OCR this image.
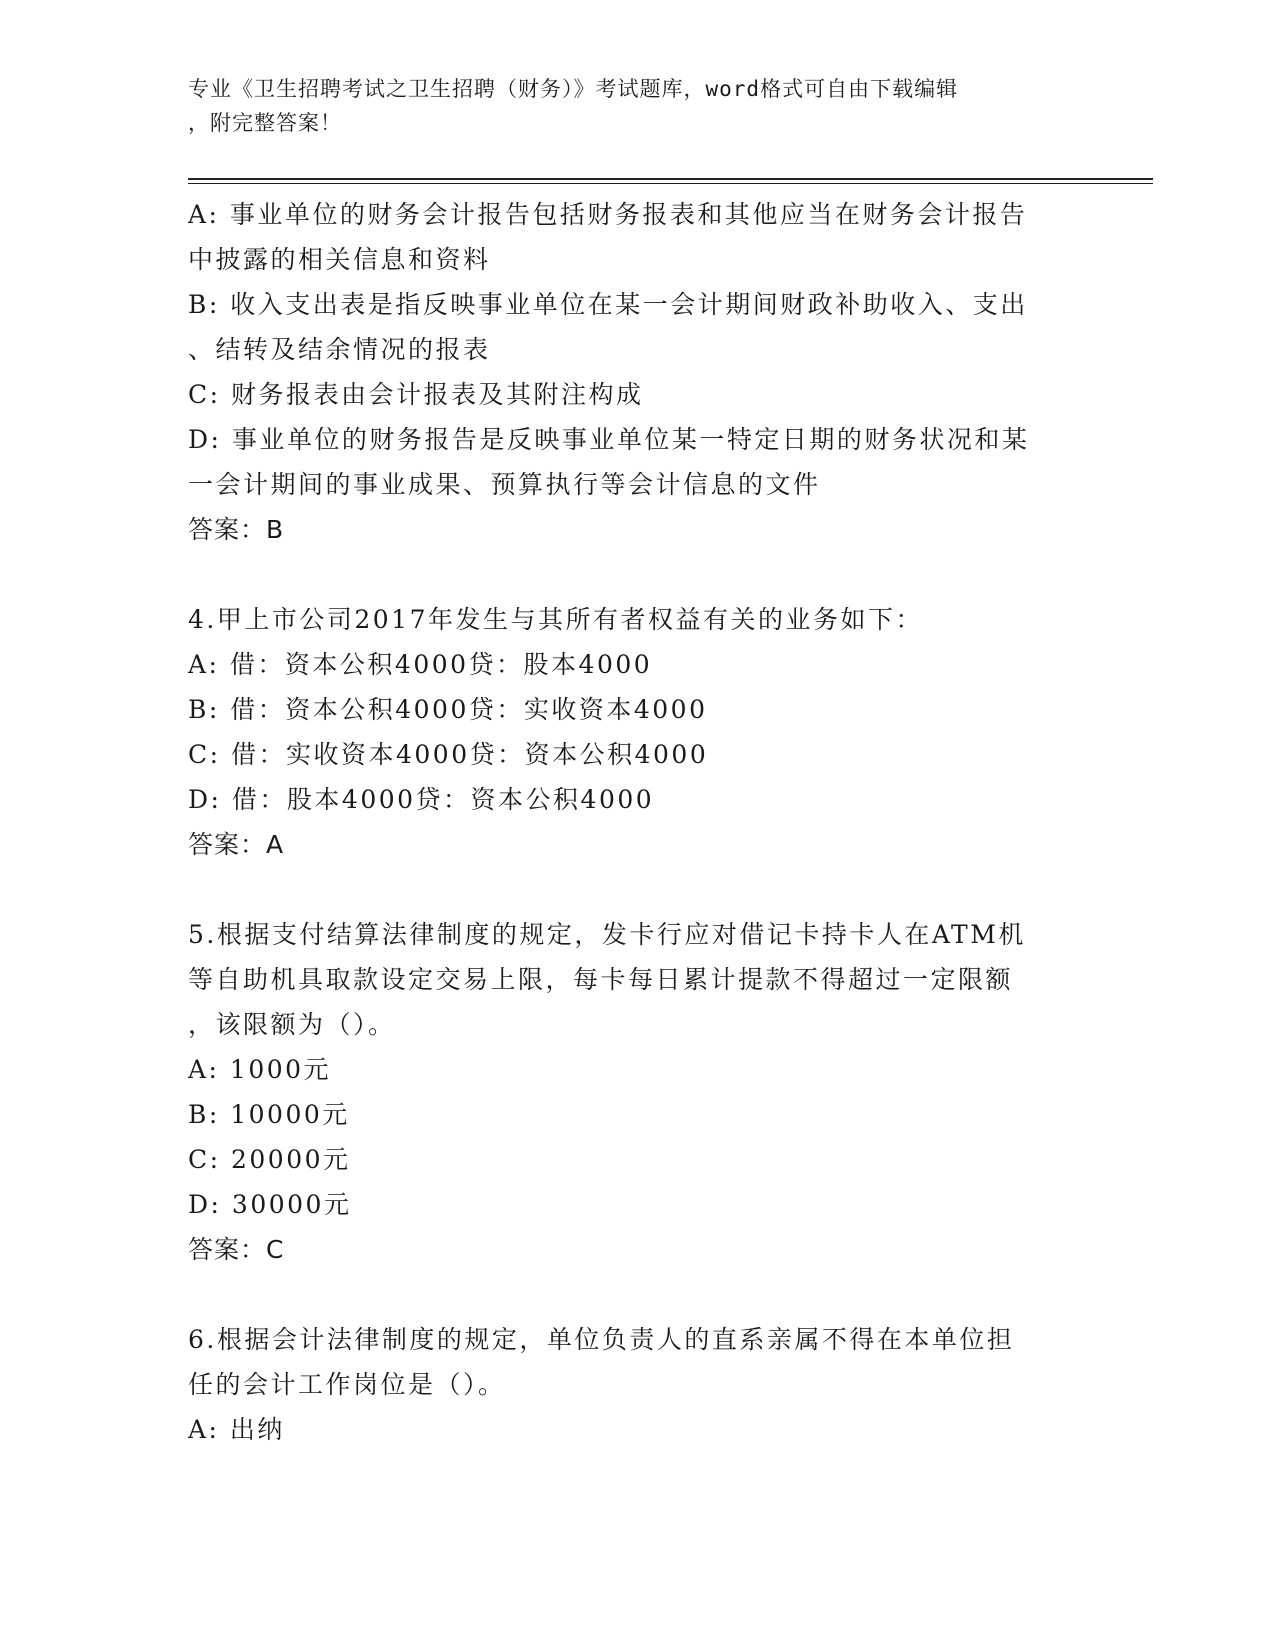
专业《卫生招聘考试之卫生招聘（财务）》考试题库，word格式可自由下载编辑
，附完整答案！
A: 事业单位的财务会计报告包括财务报表和其他应当在财务会计报告
中披露的相关信息和资料
B: 收入支出表是指反映事业单位在某一会计期间财政补助收入、支出
、结转及结余情况的报表
C: 财务报表由会计报表及其附注构成
D: 事业单位的财务报告是反映事业单位某一特定日期的财务状况和某
一会计期间的事业成果、预算执行等会计信息的文件
答案：B
4.甲上市公司2017年发生与其所有者权益有关的业务如下：
A: 借：资本公积4000贷：股本4000
B: 借：资本公积4000贷：实收资本4000
C: 借：实收资本4000贷：资本公积4000
D: 借：股本4000贷：资本公积4000
答案：A
5.根据支付结算法律制度的规定，发卡行应对借记卡持卡人在ATM机
等自助机具取款设定交易上限，每卡每日累计提款不得超过一定限额
，该限额为（）。
A: 1000元
B: 10000元
C: 20000元
D: 30000元
答案：C
6.根据会计法律制度的规定，单位负责人的直系亲属不得在本单位担
任的会计工作岗位是（）。
A: 出纳
